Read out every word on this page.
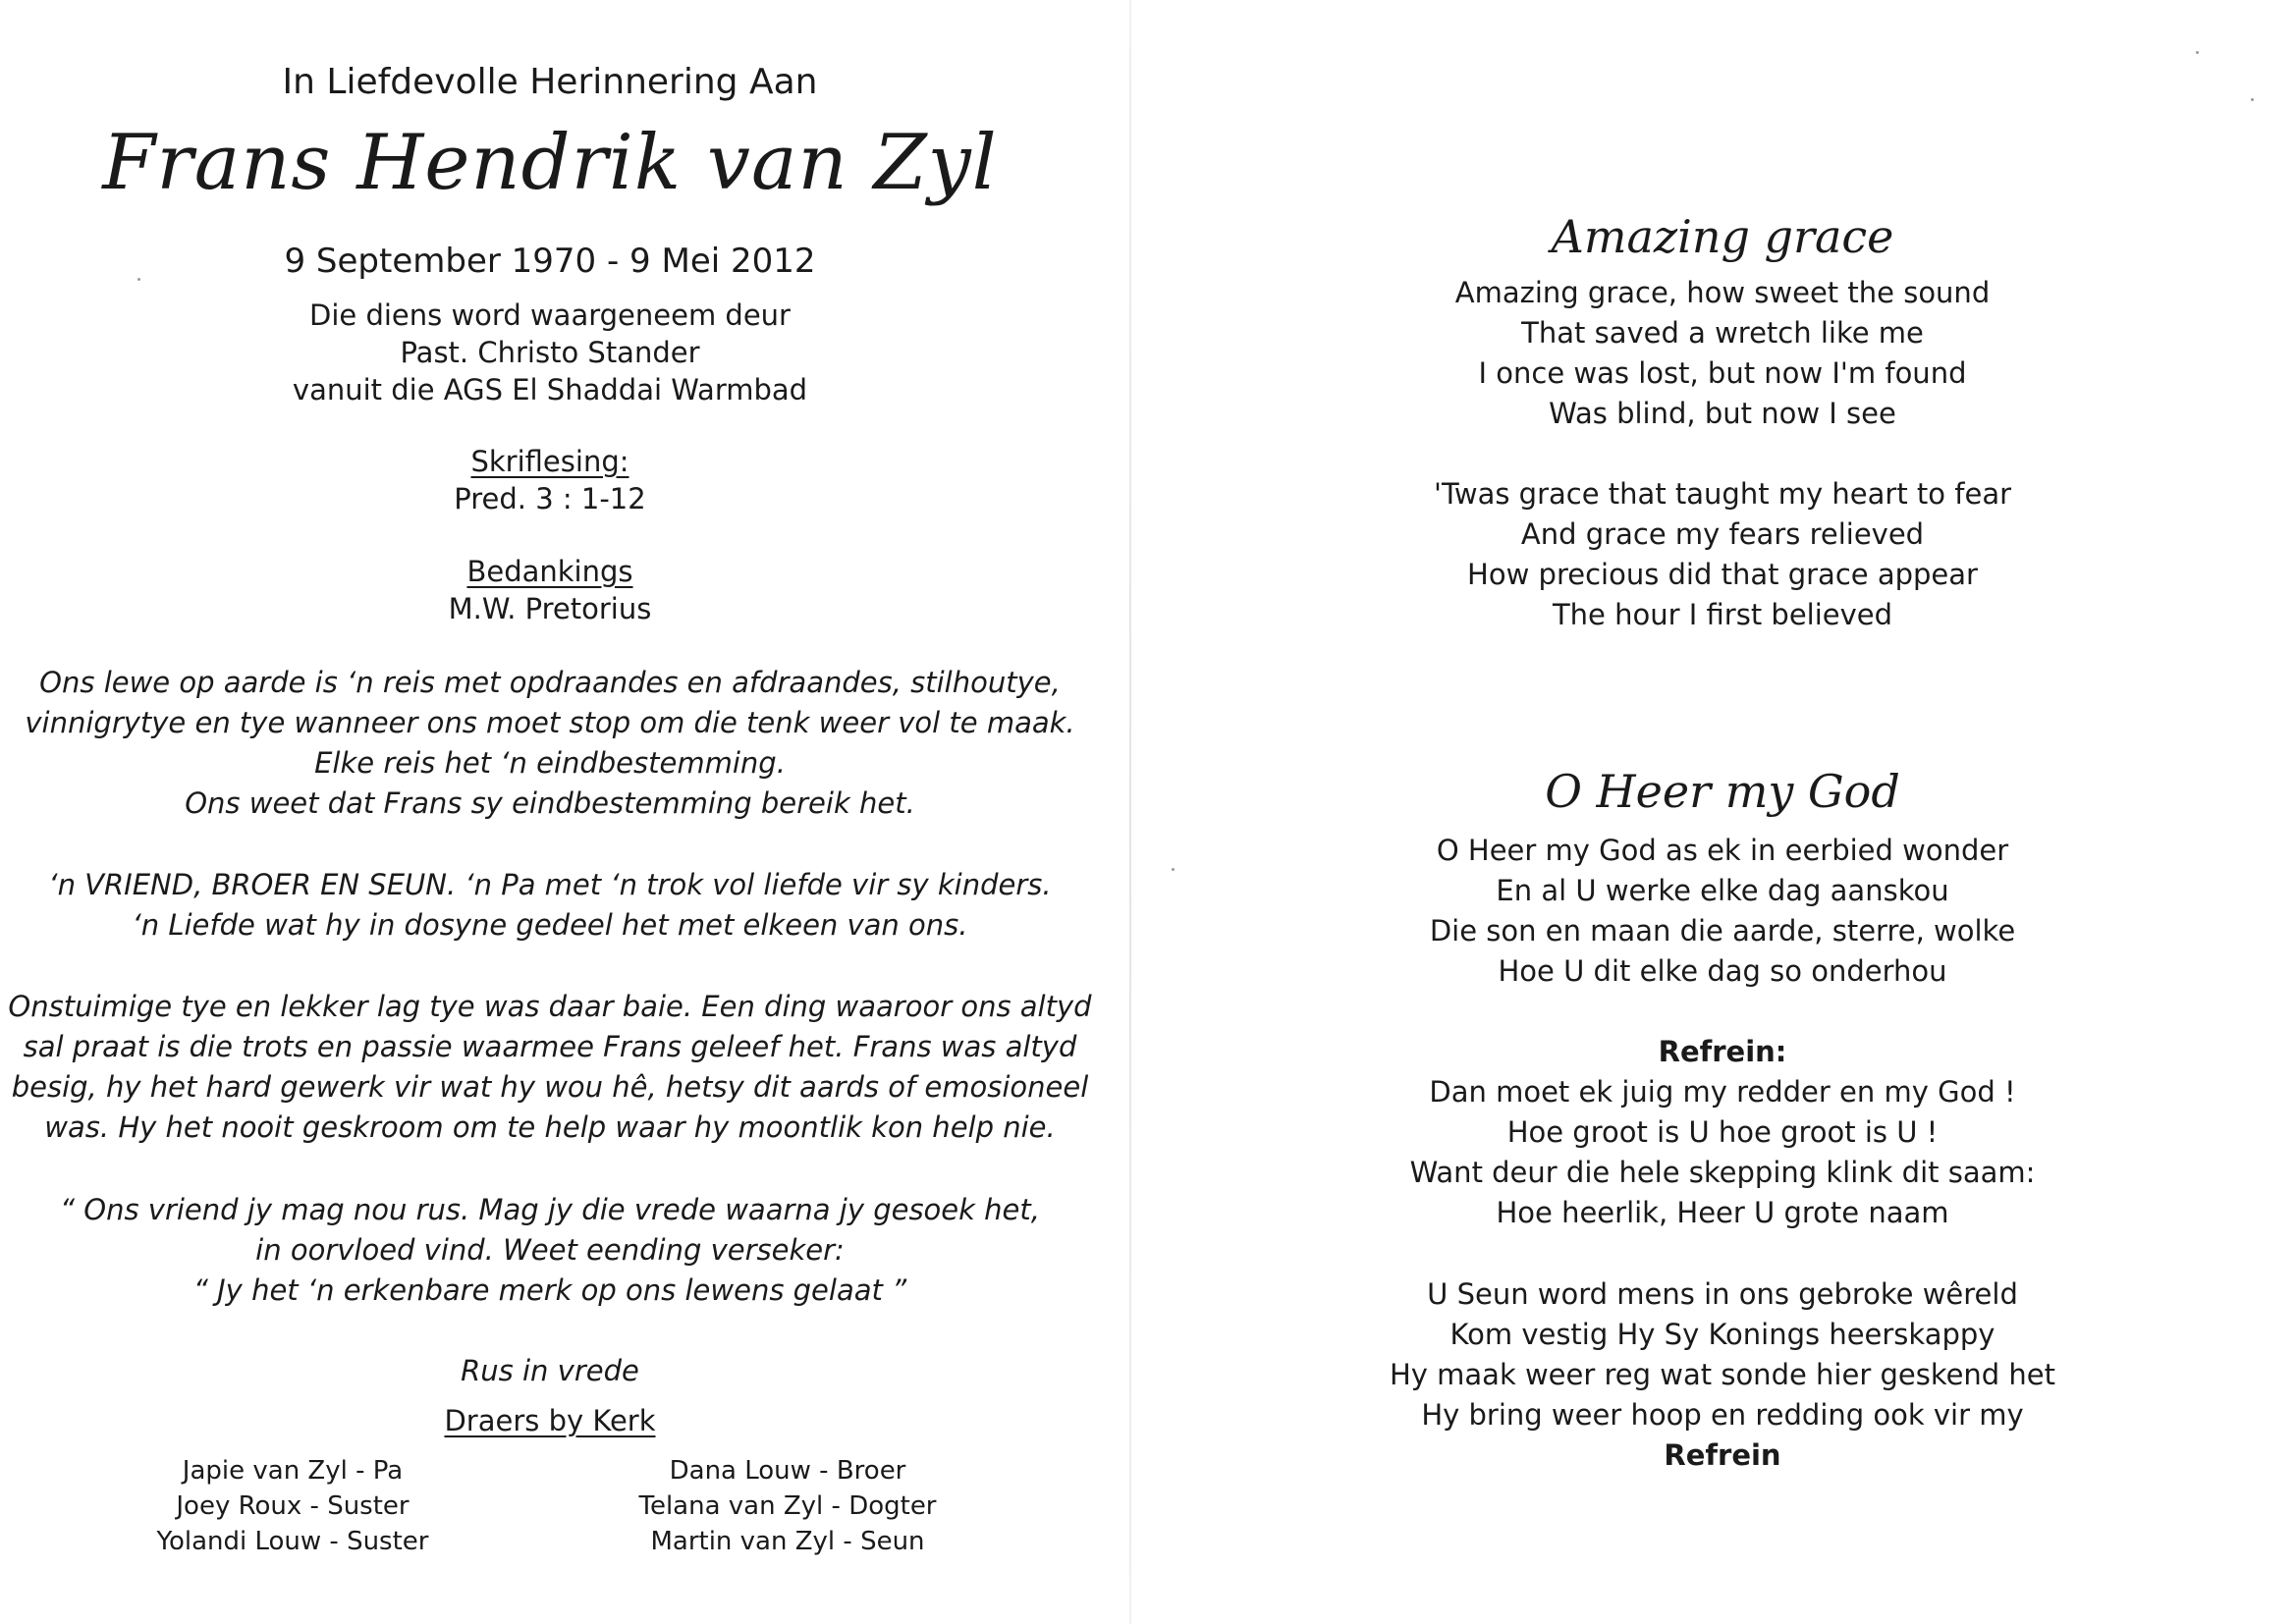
In Liefdevolle Herinnering Aan
Frans Hendrik van Zyl
9 September 1970 - 9 Mei 2012
Die diens word waargeneem deur
Past. Christo Stander
vanuit die AGS El Shaddai Warmbad
Skriflesing:
Pred. 3 : 1-12
Bedankings
M.W. Pretorius
Ons lewe op aarde is ‘n reis met opdraandes en afdraandes, stilhoutye,
vinnigrytye en tye wanneer ons moet stop om die tenk weer vol te maak.
Elke reis het ‘n eindbestemming.
Ons weet dat Frans sy eindbestemming bereik het.
‘n VRIEND, BROER EN SEUN. ‘n Pa met ‘n trok vol liefde vir sy kinders.
‘n Liefde wat hy in dosyne gedeel het met elkeen van ons.
Onstuimige tye en lekker lag tye was daar baie. Een ding waaroor ons altyd
sal praat is die trots en passie waarmee Frans geleef het. Frans was altyd
besig, hy het hard gewerk vir wat hy wou hê, hetsy dit aards of emosioneel
was. Hy het nooit geskroom om te help waar hy moontlik kon help nie.
“ Ons vriend jy mag nou rus. Mag jy die vrede waarna jy gesoek het,
in oorvloed vind. Weet eending verseker:
“ Jy het ‘n erkenbare merk op ons lewens gelaat ”
Rus in vrede
Draers by Kerk
Japie van Zyl - Pa
Joey Roux - Suster
Yolandi Louw - Suster
Dana Louw - Broer
Telana van Zyl - Dogter
Martin van Zyl - Seun
Amazing grace
Amazing grace, how sweet the sound
That saved a wretch like me
I once was lost, but now I'm found
Was blind, but now I see
'Twas grace that taught my heart to fear
And grace my fears relieved
How precious did that grace appear
The hour I first believed
O Heer my God
O Heer my God as ek in eerbied wonder
En al U werke elke dag aanskou
Die son en maan die aarde, sterre, wolke
Hoe U dit elke dag so onderhou
Refrein:
Dan moet ek juig my redder en my God !
Hoe groot is U hoe groot is U !
Want deur die hele skepping klink dit saam:
Hoe heerlik, Heer U grote naam
U Seun word mens in ons gebroke wêreld
Kom vestig Hy Sy Konings heerskappy
Hy maak weer reg wat sonde hier geskend het
Hy bring weer hoop en redding ook vir my
Refrein
